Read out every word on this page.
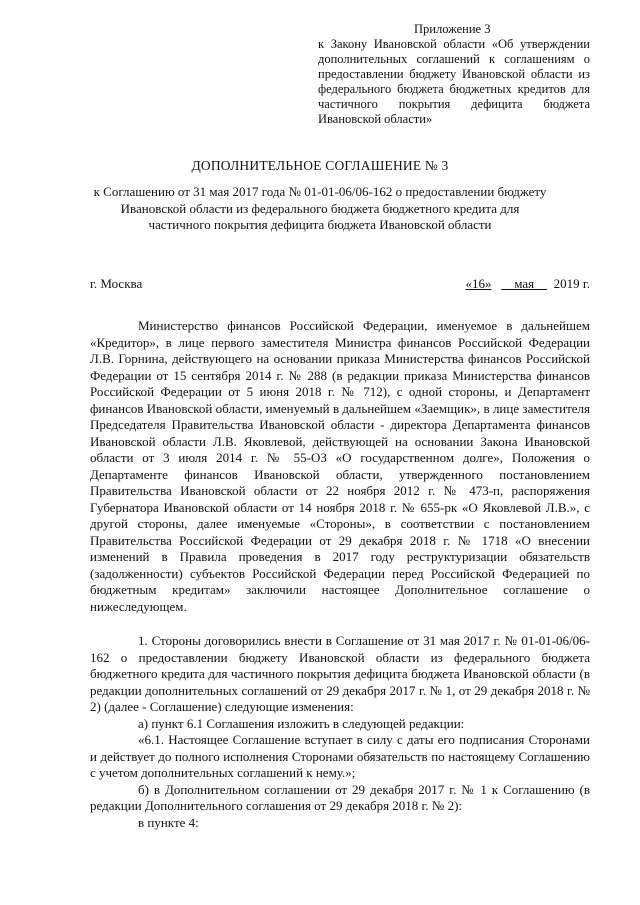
Приложение 3
к Закону Ивановской области «Об утверждении дополнительных соглашений к соглашениям о предоставлении бюджету Ивановской области из федерального бюджета бюджетных кредитов для частичного покрытия дефицита бюджета Ивановской области»
ДОПОЛНИТЕЛЬНОЕ СОГЛАШЕНИЕ № 3
к Соглашению от 31 мая 2017 года № 01-01-06/06-162 о предоставлении бюджету Ивановской области из федерального бюджета бюджетного кредита для частичного покрытия дефицита бюджета Ивановской области
г. Москва	«16» мая 2019 г.

Министерство финансов Российской Федерации, именуемое в дальнейшем «Кредитор», в лице первого заместителя Министра финансов Российской Федерации Л.В. Горнина, действующего на основании приказа Министерства финансов Российской Федерации от 15 сентября 2014 г. № 288 (в редакции приказа Министерства финансов Российской Федерации от 5 июня 2018 г. № 712), с одной стороны, и Департамент финансов Ивановской области, именуемый в дальнейшем «Заемщик», в лице заместителя Председателя Правительства Ивановской области - директора Департамента финансов Ивановской области Л.В. Яковлевой, действующей на основании Закона Ивановской области от 3 июля 2014 г. № 55-ОЗ «О государственном долге», Положения о Департаменте финансов Ивановской области, утвержденного постановлением Правительства Ивановской области от 22 ноября 2012 г. № 473-п, распоряжения Губернатора Ивановской области от 14 ноября 2018 г. № 655-рк «О Яковлевой Л.В.», с другой стороны, далее именуемые «Стороны», в соответствии с постановлением Правительства Российской Федерации от 29 декабря 2018 г. № 1718 «О внесении изменений в Правила проведения в 2017 году реструктуризации обязательств (задолженности) субъектов Российской Федерации перед Российской Федерацией по бюджетным кредитам» заключили настоящее Дополнительное соглашение о нижеследующем.

1. Стороны договорились внести в Соглашение от 31 мая 2017 г. № 01-01-06/06-162 о предоставлении бюджету Ивановской области из федерального бюджета бюджетного кредита для частичного покрытия дефицита бюджета Ивановской области (в редакции дополнительных соглашений от 29 декабря 2017 г. № 1, от 29 декабря 2018 г. № 2) (далее - Соглашение) следующие изменения:

а) пункт 6.1 Соглашения изложить в следующей редакции:

«6.1. Настоящее Соглашение вступает в силу с даты его подписания Сторонами и действует до полного исполнения Сторонами обязательств по настоящему Соглашению с учетом дополнительных соглашений к нему.»;

б) в Дополнительном соглашении от 29 декабря 2017 г. № 1 к Соглашению (в редакции Дополнительного соглашения от 29 декабря 2018 г. № 2):

в пункте 4:
